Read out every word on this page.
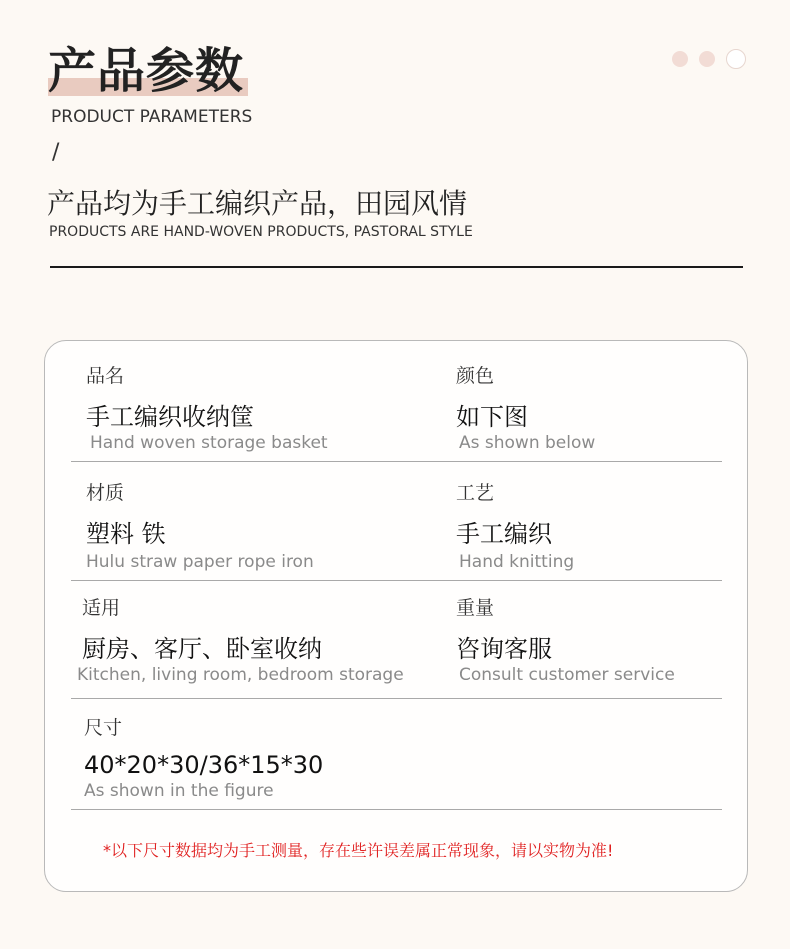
产品参数
PRODUCT PARAMETERS
/
产品均为手工编织产品，田园风情
PRODUCTS ARE HAND-WOVEN PRODUCTS, PASTORAL STYLE
品名
手工编织收纳筐
Hand woven storage basket
颜色
如下图
As shown below
材质
塑料 铁
Hulu straw paper rope iron
工艺
手工编织
Hand knitting
适用
厨房、客厅、卧室收纳
Kitchen, living room, bedroom storage
重量
咨询客服
Consult customer service
尺寸
40*20*30/36*15*30
As shown in the figure
*以下尺寸数据均为手工测量，存在些许误差属正常现象，请以实物为准!
